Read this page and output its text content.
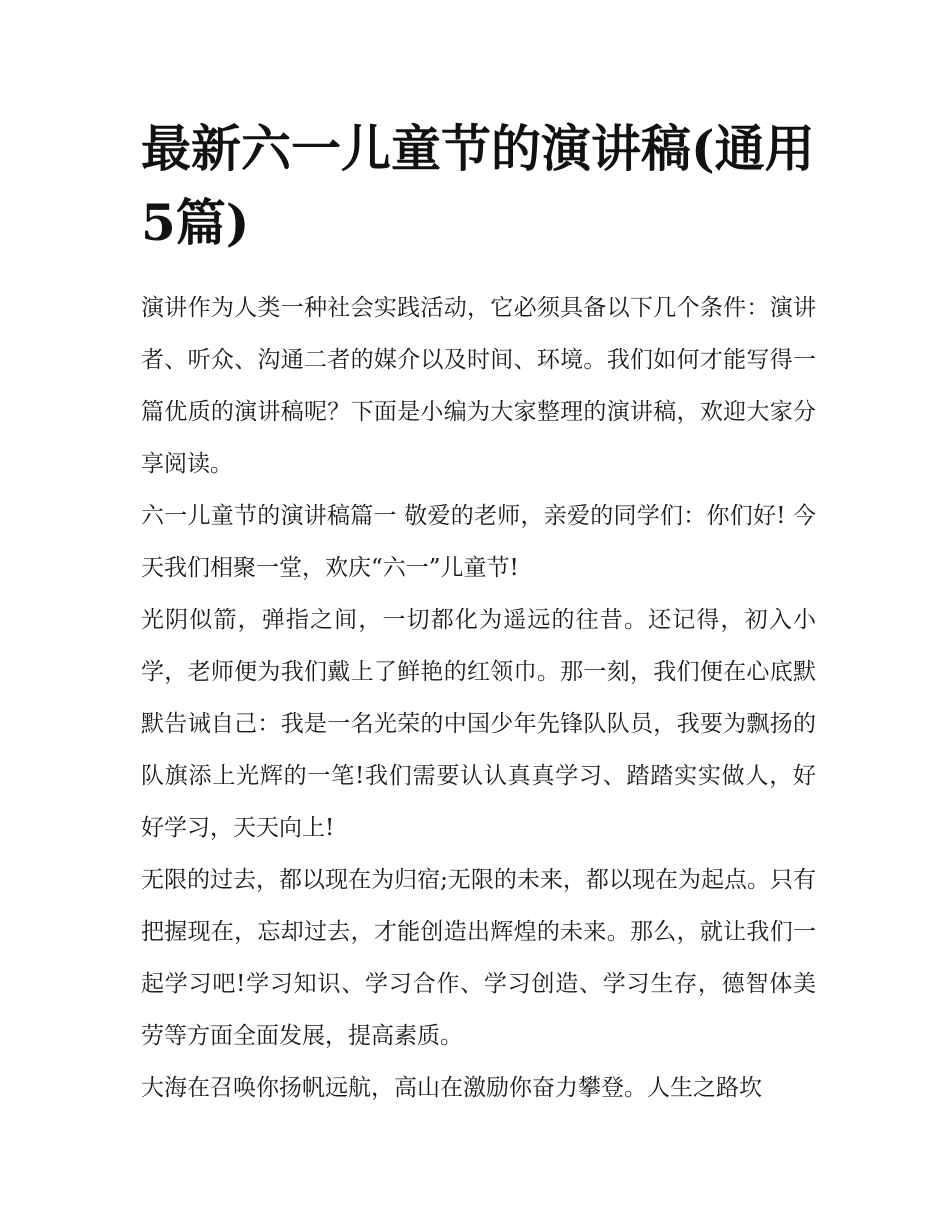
最新六一儿童节的演讲稿(通用5篇)

演讲作为人类一种社会实践活动，它必须具备以下几个条件：演讲者、听众、沟通二者的媒介以及时间、环境。我们如何才能写得一篇优质的演讲稿呢？下面是小编为大家整理的演讲稿，欢迎大家分享阅读。

六一儿童节的演讲稿篇一 敬爱的老师，亲爱的同学们：你们好! 今天我们相聚一堂，欢庆“六一”儿童节!

光阴似箭，弹指之间，一切都化为遥远的往昔。还记得，初入小学，老师便为我们戴上了鲜艳的红领巾。那一刻，我们便在心底默默告诫自己：我是一名光荣的中国少年先锋队队员，我要为飘扬的队旗添上光辉的一笔!我们需要认认真真学习、踏踏实实做人，好好学习，天天向上!

无限的过去，都以现在为归宿;无限的未来，都以现在为起点。只有把握现在，忘却过去，才能创造出辉煌的未来。那么，就让我们一起学习吧!学习知识、学习合作、学习创造、学习生存，德智体美劳等方面全面发展，提高素质。

大海在召唤你扬帆远航，高山在激励你奋力攀登。人生之路坎
